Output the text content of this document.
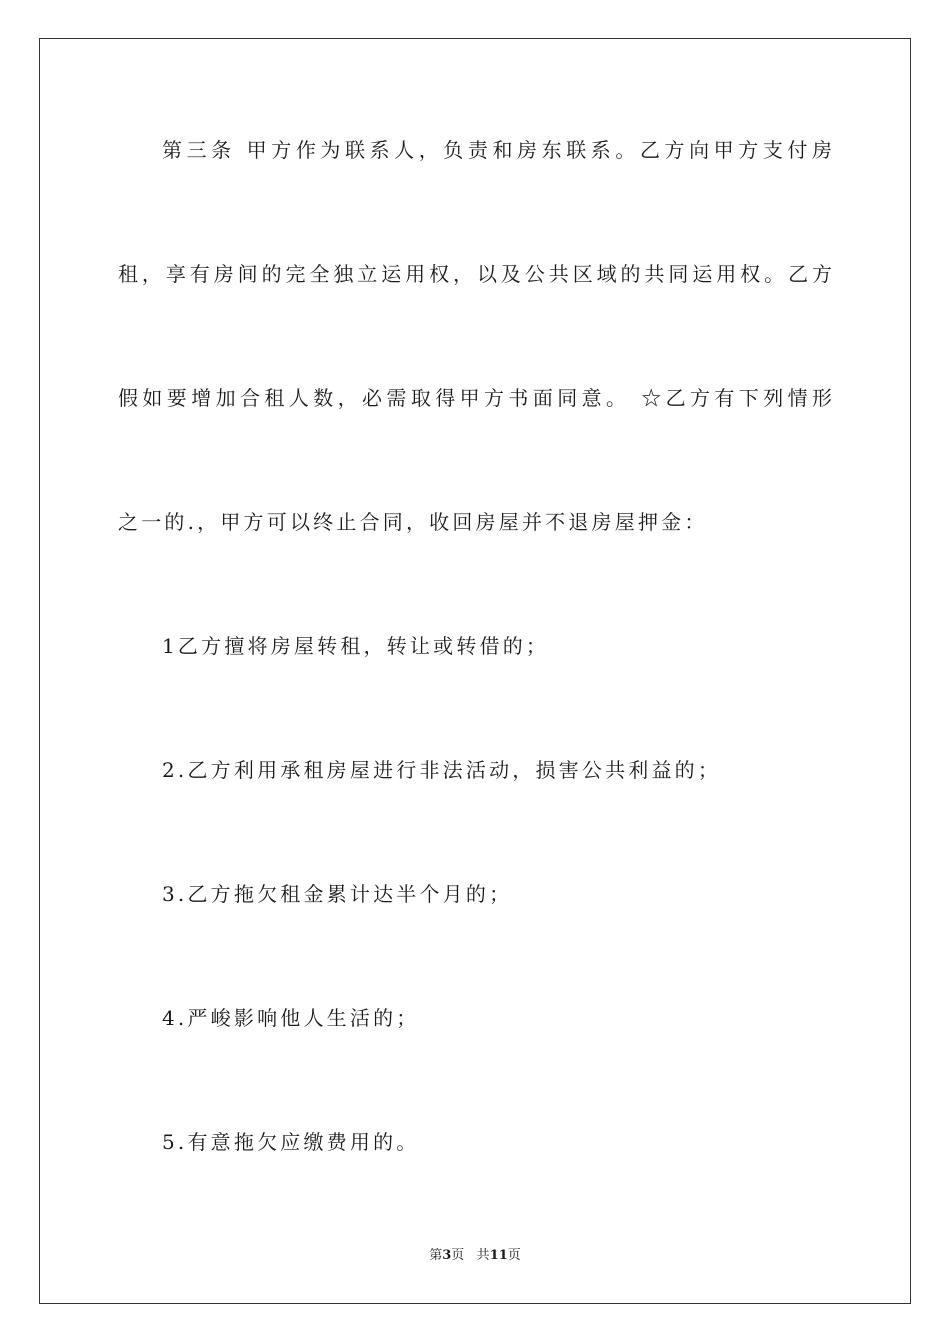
第三条 甲方作为联系人，负责和房东联系。乙方向甲方支付房
租，享有房间的完全独立运用权，以及公共区域的共同运用权。乙方
假如要增加合租人数，必需取得甲方书面同意。 ☆乙方有下列情形
之一的.，甲方可以终止合同，收回房屋并不退房屋押金：
1乙方擅将房屋转租，转让或转借的；
2.乙方利用承租房屋进行非法活动，损害公共利益的；
3.乙方拖欠租金累计达半个月的；
4.严峻影响他人生活的；
5.有意拖欠应缴费用的。
第3页 共11页
